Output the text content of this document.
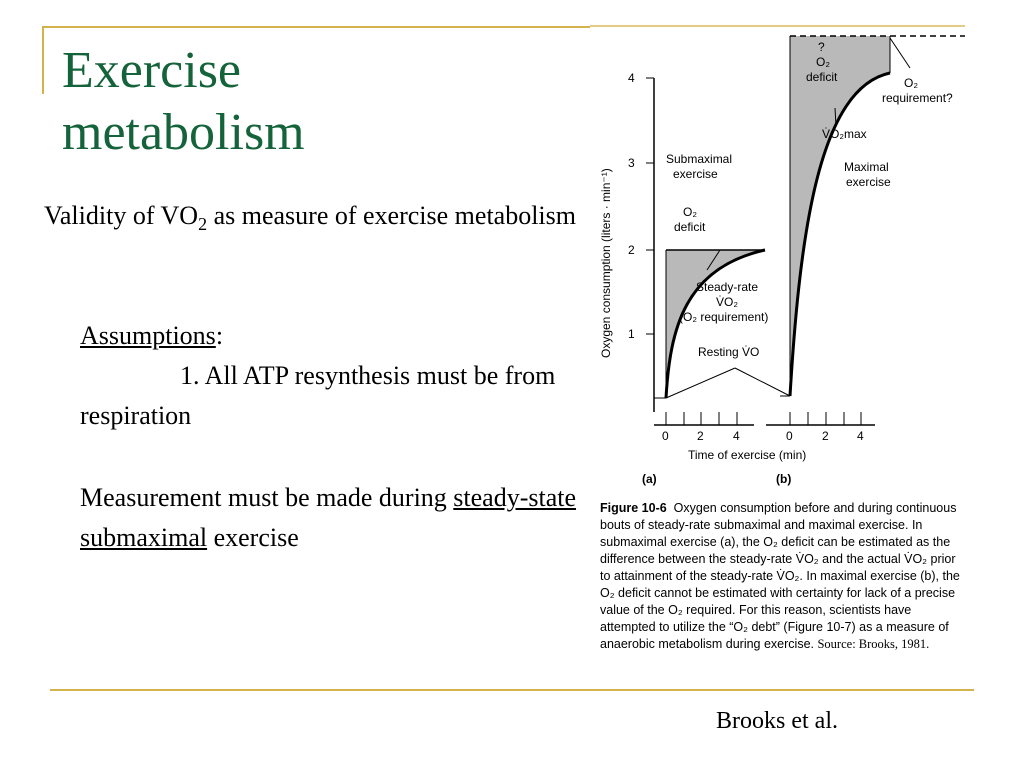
Exercise
metabolism
Validity of $VO_2$ as measure of exercise metabolism
Assumptions:
1. All ATP resynthesis must be from respiration
Measurement must be made during steady-state submaximal exercise
1
2
3
4
Oxygen consumption (liters · min⁻¹)
0 2 4	0 2 4
Time of exercise (min)
(a)	(b)
Submaximal
exercise
O₂
deficit
Steady-rate
V̇O₂
(O₂ requirement)
Resting V̇O
?
O₂
deficit	O₂
requirement?
V̇O₂max
Maximal
exercise
Figure 10-6 Oxygen consumption before and during continuous bouts of steady-rate submaximal and maximal exercise. In submaximal exercise (a), the O₂ deficit can be estimated as the difference between the steady-rate V̇O₂ and the actual V̇O₂ prior to attainment of the steady-rate V̇O₂. In maximal exercise (b), the O₂ deficit cannot be estimated with certainty for lack of a precise value of the O₂ required. For this reason, scientists have attempted to utilize the “O₂ debt” (Figure 10-7) as a measure of anaerobic metabolism during exercise. Source: Brooks, 1981.
Brooks et al.
